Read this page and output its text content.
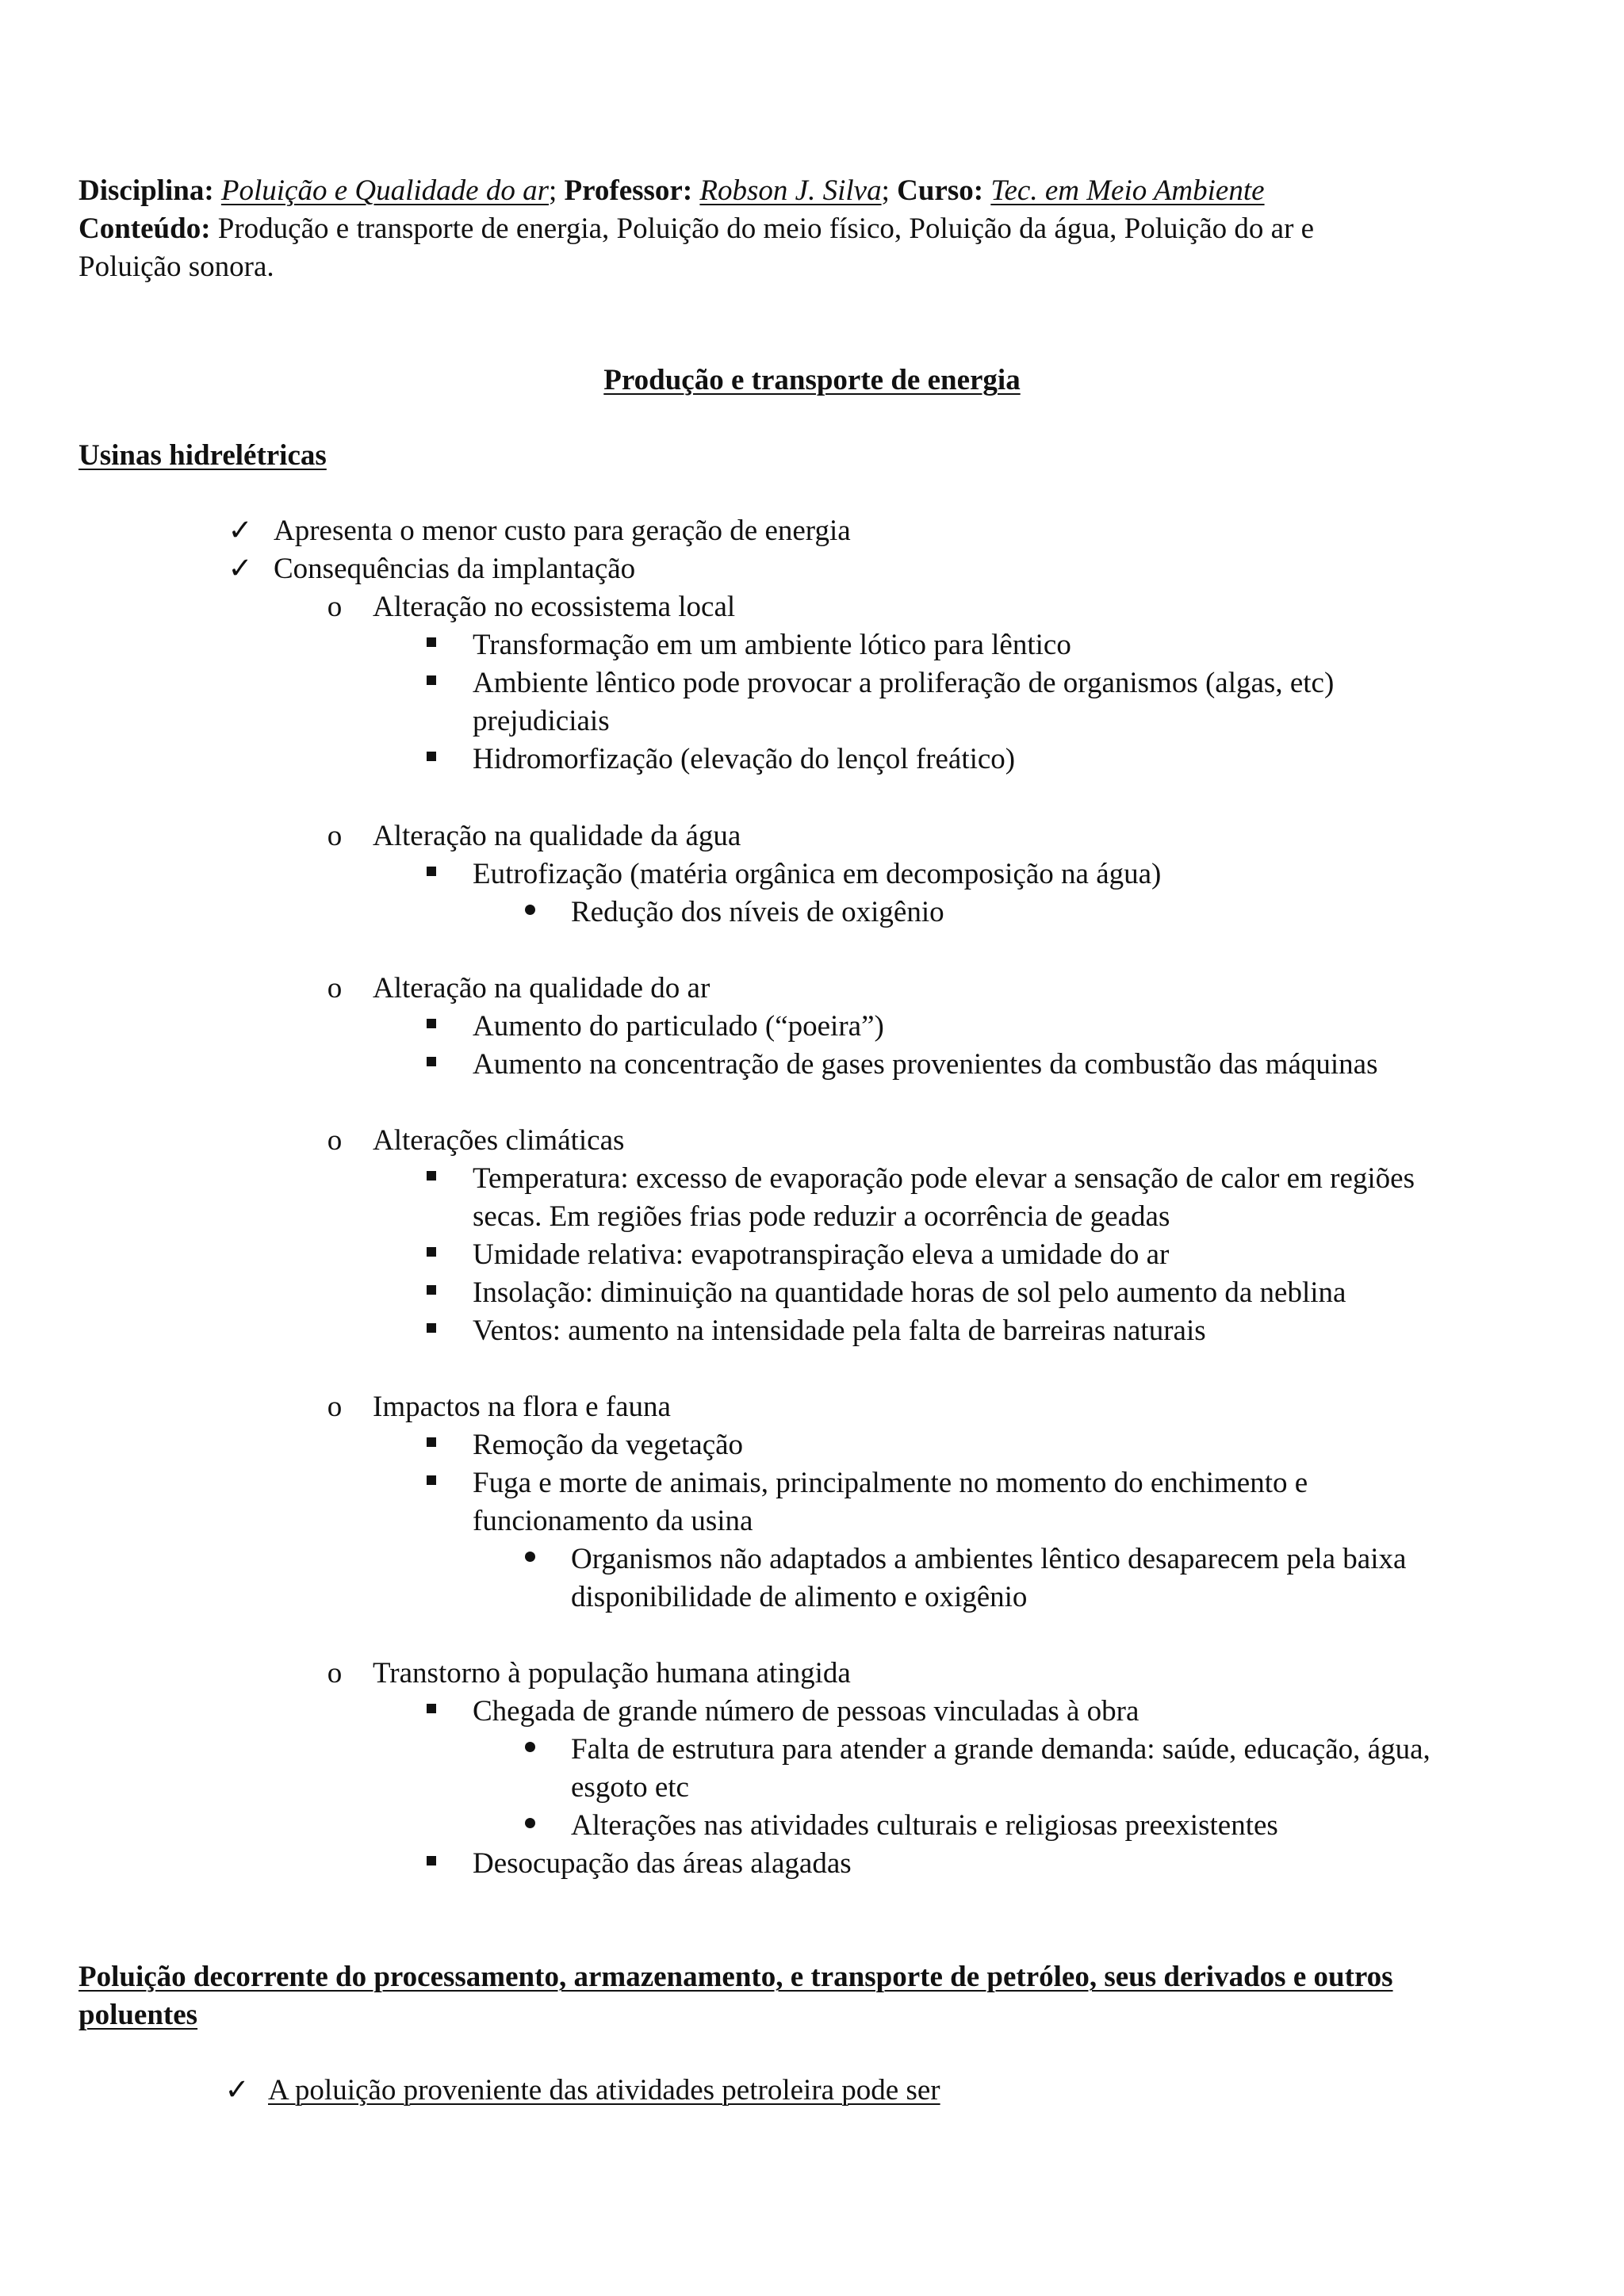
Disciplina: Poluição e Qualidade do ar; Professor: Robson J. Silva; Curso: Tec. em Meio Ambiente
Conteúdo: Produção e transporte de energia, Poluição do meio físico, Poluição da água, Poluição do ar e
Poluição sonora.
Produção e transporte de energia
Usinas hidrelétricas
✓ Apresenta o menor custo para geração de energia
✓ Consequências da implantação
o Alteração no ecossistema local
Transformação em um ambiente lótico para lêntico
Ambiente lêntico pode provocar a proliferação de organismos (algas, etc)
prejudiciais
Hidromorfização (elevação do lençol freático)
o Alteração na qualidade da água
Eutrofização (matéria orgânica em decomposição na água)
Redução dos níveis de oxigênio
o Alteração na qualidade do ar
Aumento do particulado (“poeira”)
Aumento na concentração de gases provenientes da combustão das máquinas
o Alterações climáticas
Temperatura: excesso de evaporação pode elevar a sensação de calor em regiões
secas. Em regiões frias pode reduzir a ocorrência de geadas
Umidade relativa: evapotranspiração eleva a umidade do ar
Insolação: diminuição na quantidade horas de sol pelo aumento da neblina
Ventos: aumento na intensidade pela falta de barreiras naturais
o Impactos na flora e fauna
Remoção da vegetação
Fuga e morte de animais, principalmente no momento do enchimento e
funcionamento da usina
Organismos não adaptados a ambientes lêntico desaparecem pela baixa
disponibilidade de alimento e oxigênio
o Transtorno à população humana atingida
Chegada de grande número de pessoas vinculadas à obra
Falta de estrutura para atender a grande demanda: saúde, educação, água,
esgoto etc
Alterações nas atividades culturais e religiosas preexistentes
Desocupação das áreas alagadas
Poluição decorrente do processamento, armazenamento, e transporte de petróleo, seus derivados e outros
poluentes
✓ A poluição proveniente das atividades petroleira pode ser
